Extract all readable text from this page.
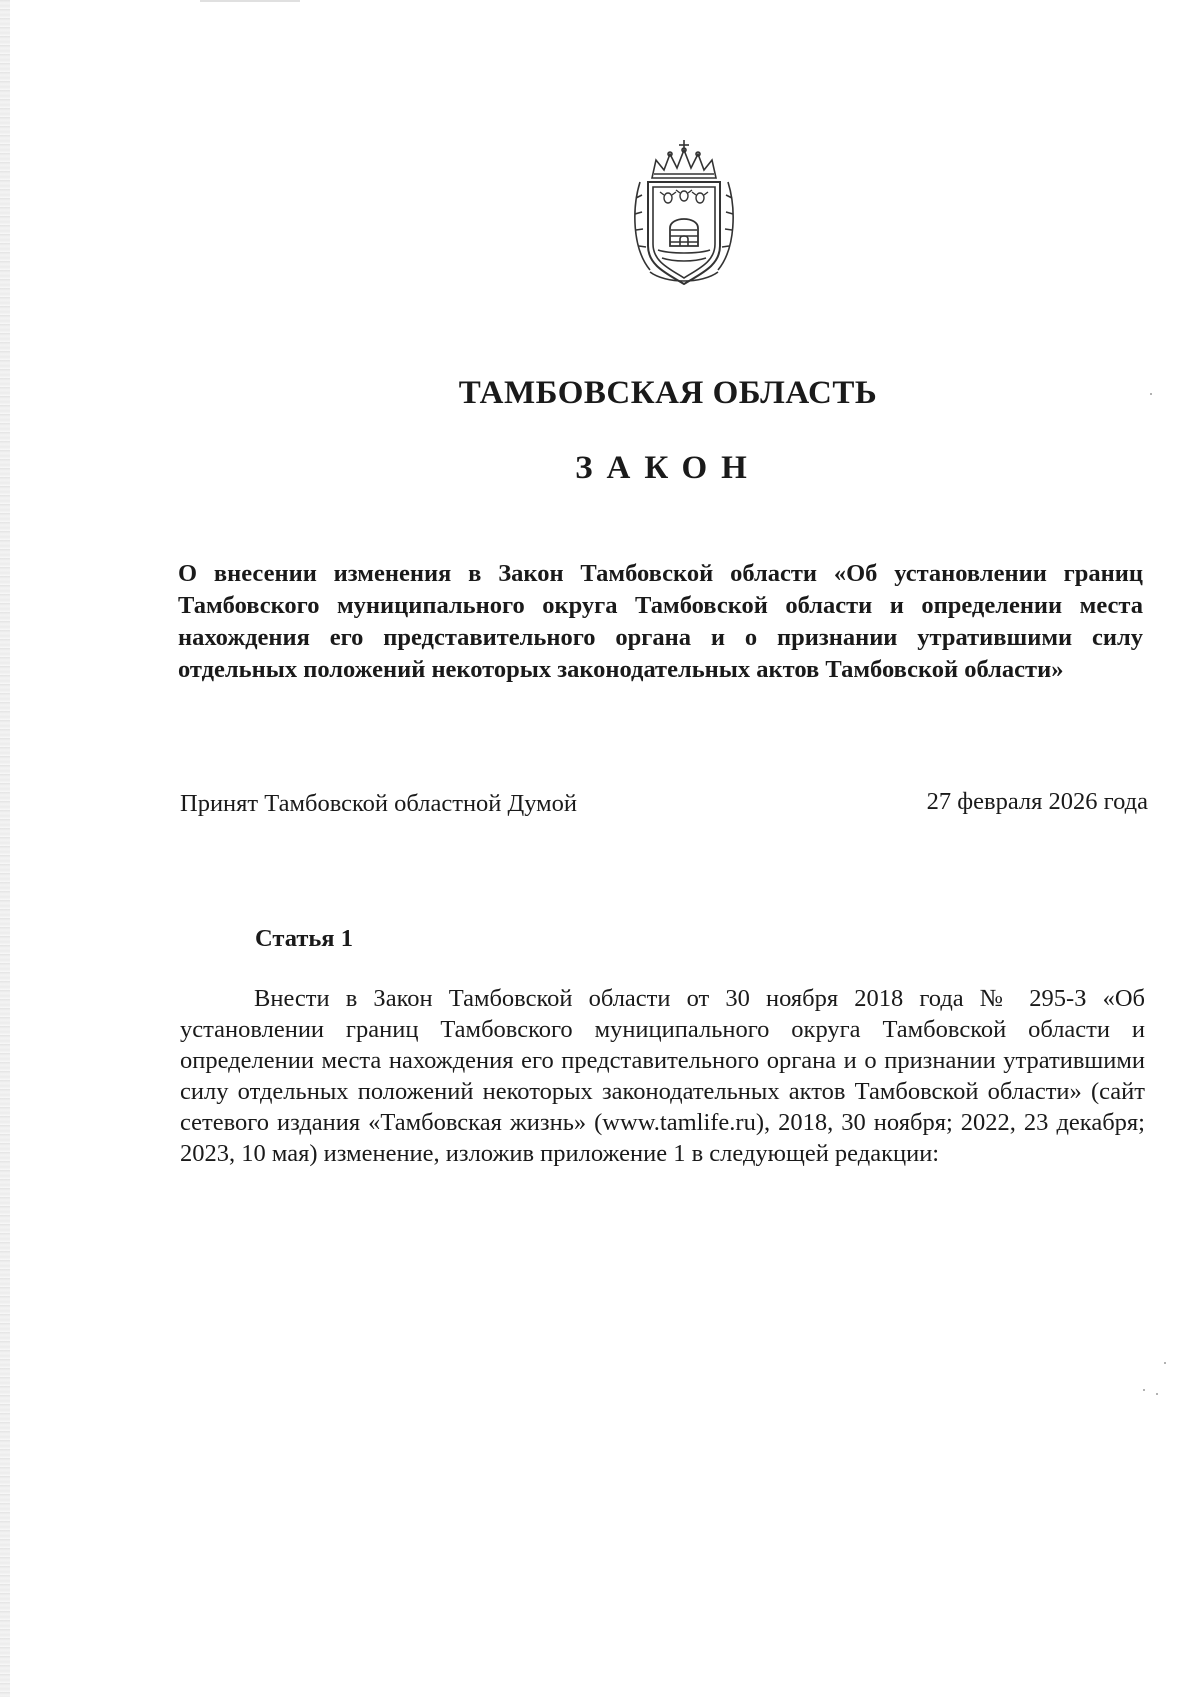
ТАМБОВСКАЯ ОБЛАСТЬ
ЗАКОН
О внесении изменения в Закон Тамбовской области «Об установлении границ Тамбовского муниципального округа Тамбовской области и определении места нахождения его представительного органа и о признании утратившими силу отдельных положений некоторых законодательных актов Тамбовской области»
Принят Тамбовской областной Думой	27 февраля 2026 года
Статья 1
Внести в Закон Тамбовской области от 30 ноября 2018 года № 295-З «Об установлении границ Тамбовского муниципального округа Тамбовской области и определении места нахождения его представительного органа и о признании утратившими силу отдельных положений некоторых законодательных актов Тамбовской области» (сайт сетевого издания «Тамбовская жизнь» (www.tamlife.ru), 2018, 30 ноября; 2022, 23 декабря; 2023, 10 мая) изменение, изложив приложение 1 в следующей редакции:
